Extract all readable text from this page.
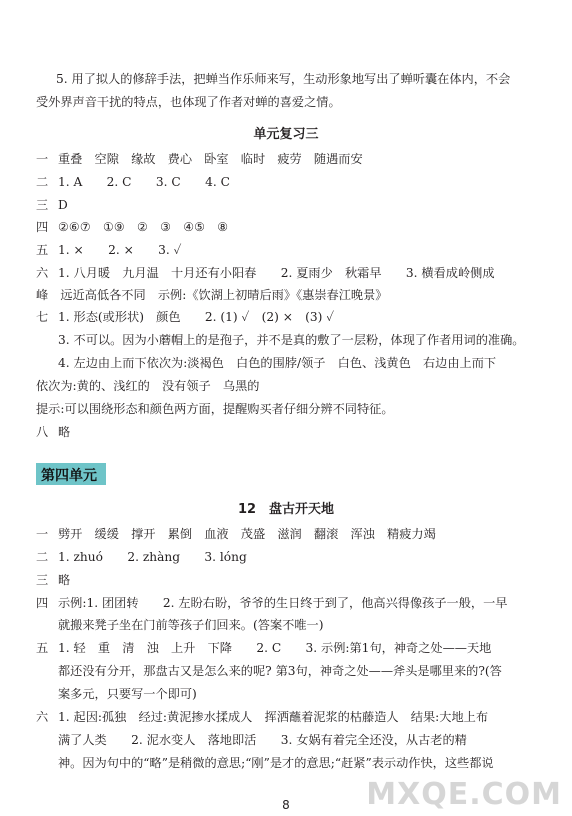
5. 用了拟人的修辞手法，把蝉当作乐师来写，生动形象地写出了蝉听囊在体内，不会
受外界声音干扰的特点，也体现了作者对蝉的喜爱之情。
单元复习三
一 重叠　空隙　缘故　费心　卧室　临时　疲劳　随遇而安
二 1. A　　2. C　　3. C　　4. C
三 D
四 ②⑥⑦　①⑨　②　③　④⑤　⑧
五 1. ×　　2. ×　　3. ✓
六 1. 八月暖　九月温　十月还有小阳春　　2. 夏雨少　秋霜早　　3. 横看成岭侧成
峰　远近高低各不同　示例:《饮湖上初晴后雨》《惠崇春江晚景》
七 1. 形态(或形状)　颜色　　2. (1) ✓　(2) ×　(3) ✓
3. 不可以。因为小蘑帽上的是孢子，并不是真的敷了一层粉，体现了作者用词的准确。
4. 左边由上而下依次为:淡褐色　白色的围脖/领子　白色、浅黄色　右边由上而下
依次为:黄的、浅红的　没有领子　乌黑的
提示:可以围绕形态和颜色两方面，提醒购买者仔细分辨不同特征。
八 略
第四单元
12　盘古开天地
一 劈开　缓缓　撑开　累倒　血液　茂盛　滋润　翻滚　浑浊　精疲力竭
二 1. zhuó　　2. zhàng　　3. lóng
三 略
四 示例:1. 团团转　　2. 左盼右盼，爷爷的生日终于到了，他高兴得像孩子一般，一早
就搬来凳子坐在门前等孩子们回来。(答案不唯一)
五 1. 轻　重　清　浊　上升　下降　　2. C　　3. 示例:第1句，神奇之处——天地
都还没有分开，那盘古又是怎么来的呢? 第3句，神奇之处——斧头是哪里来的?(答
案多元，只要写一个即可)
六 1. 起因:孤独　经过:黄泥掺水揉成人　挥洒蘸着泥浆的枯藤造人　结果:大地上布
满了人类　　2. 泥水变人　落地即活　　3. 女娲有着完全还没，从古老的精
神。因为句中的“略”是稍微的意思;“刚”是才的意思;“赶紧”表示动作快，这些都说
8	MXQE.COM
